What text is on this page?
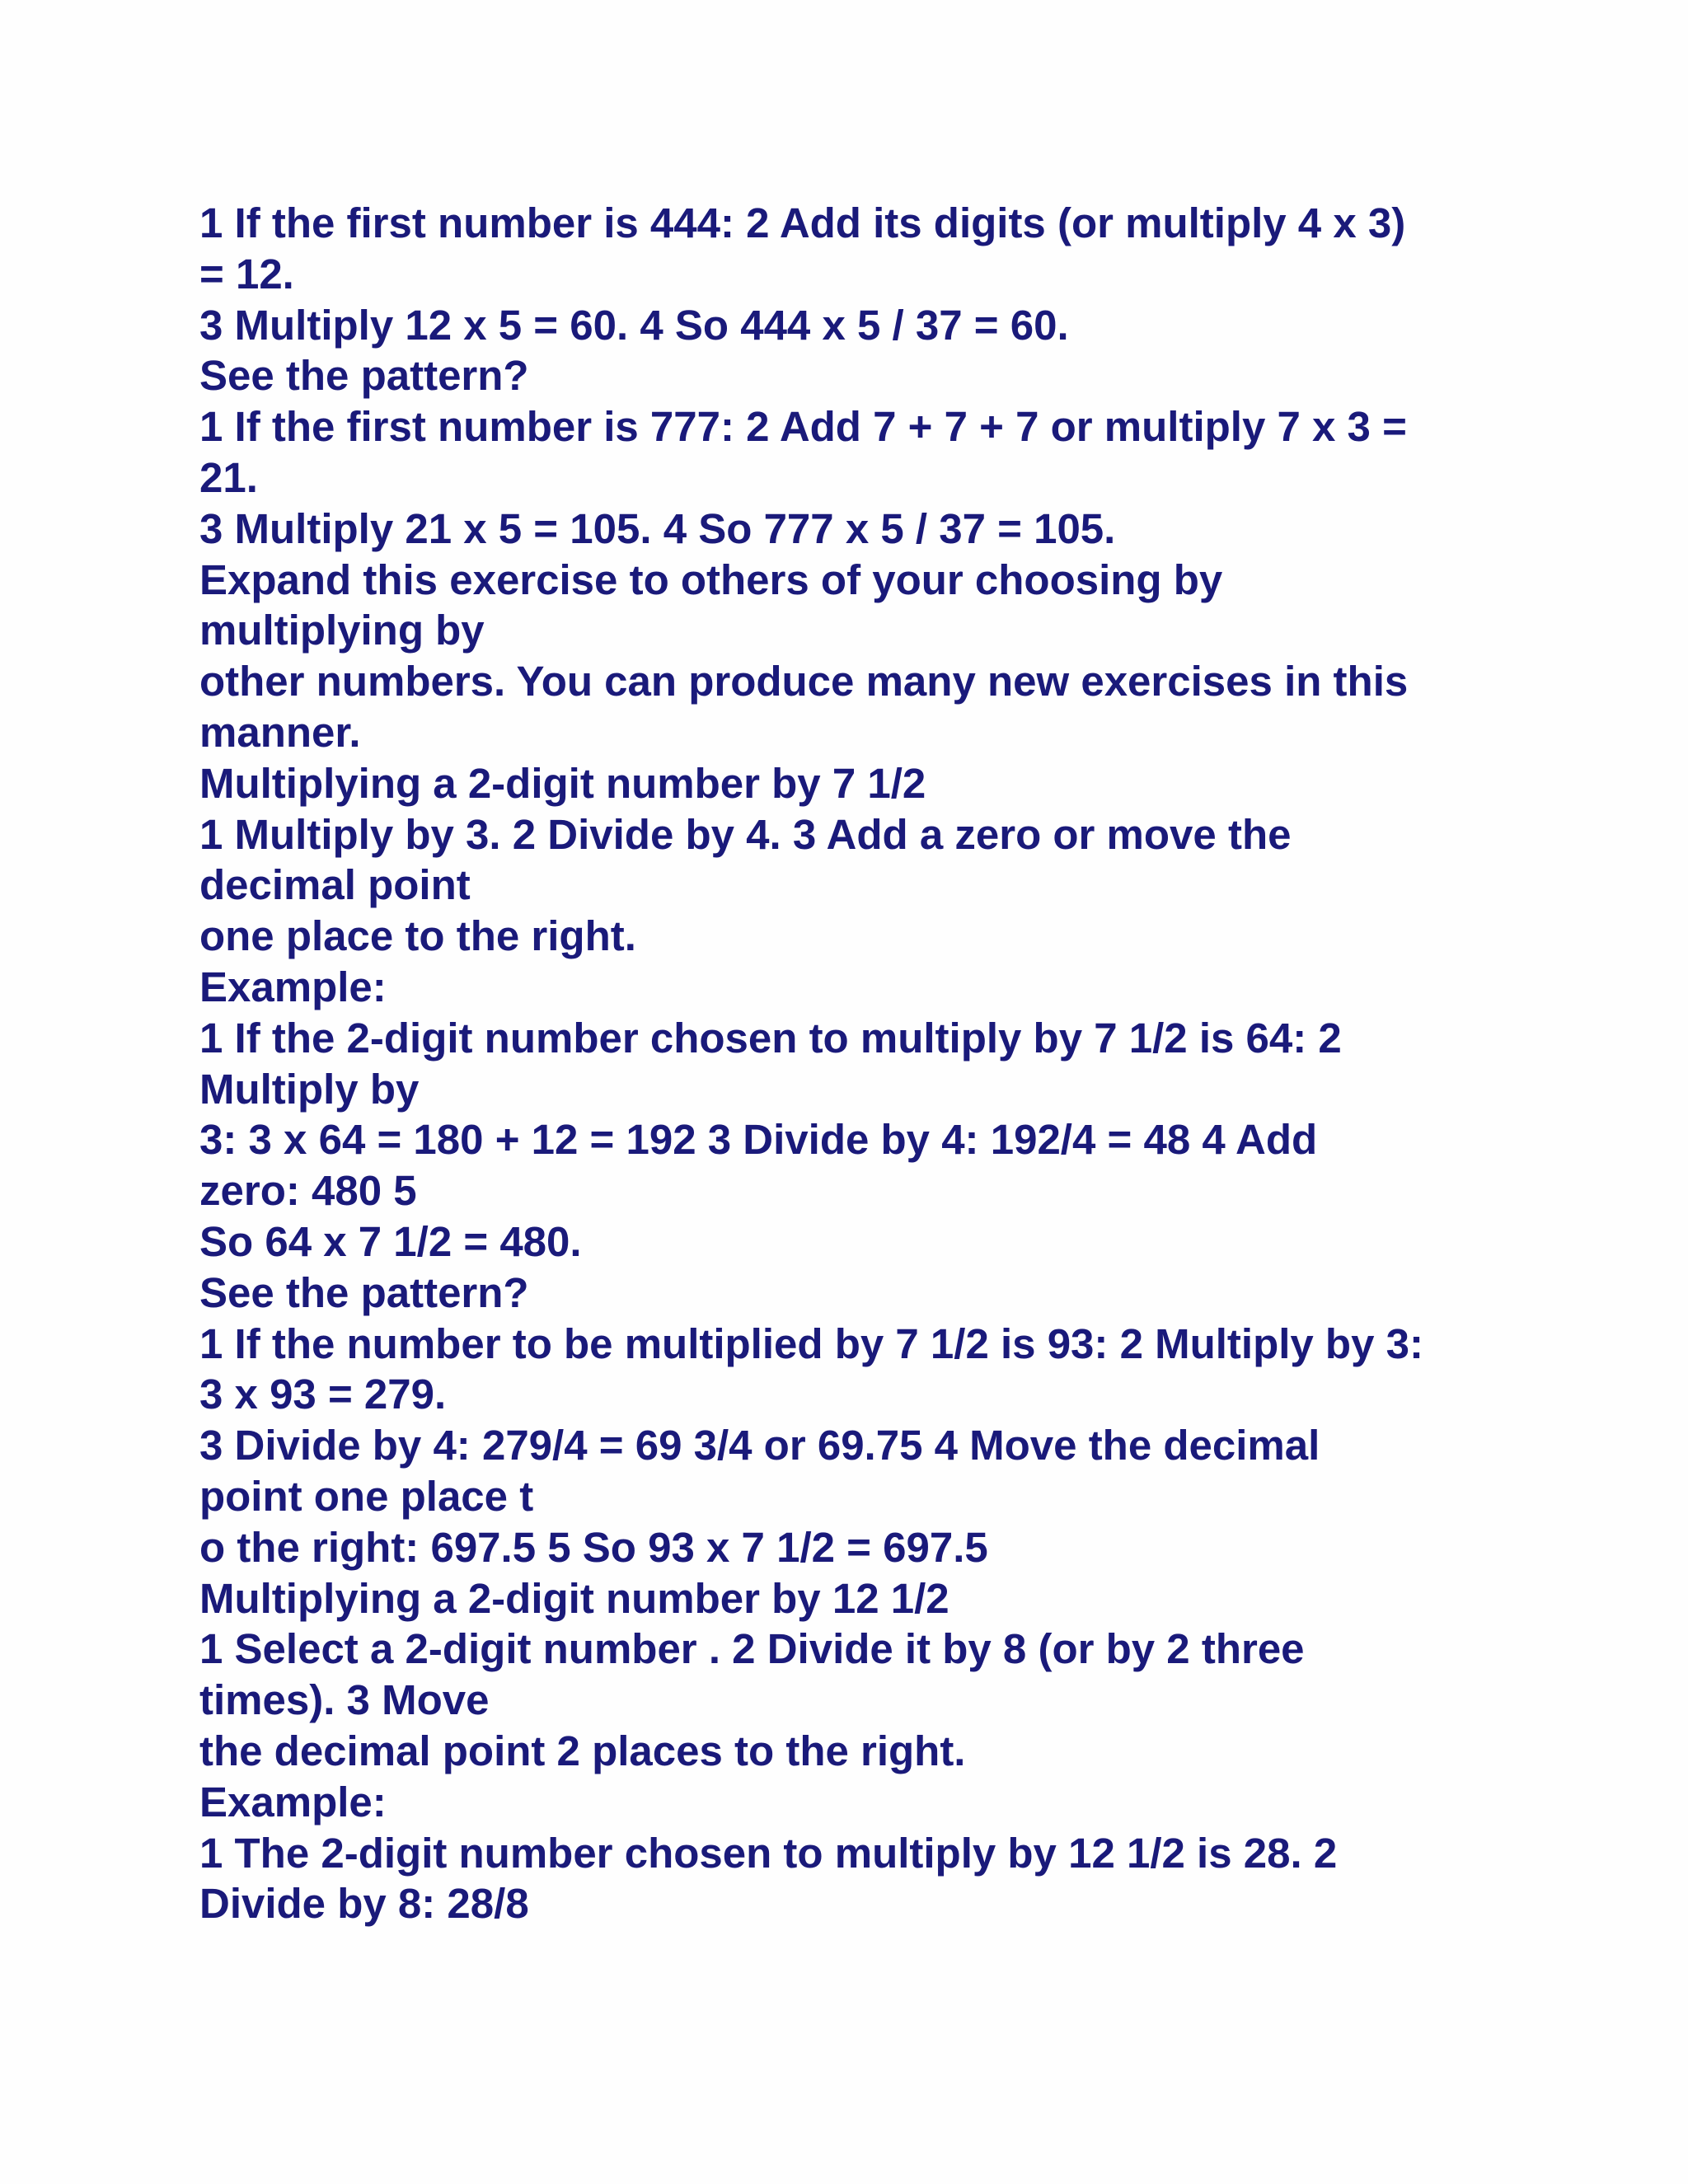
1 If the first number is 444: 2 Add its digits (or multiply 4 x 3)
= 12.
3 Multiply 12 x 5 = 60. 4 So 444 x 5 / 37 = 60.
See the pattern?
1 If the first number is 777: 2 Add 7 + 7 + 7 or multiply 7 x 3 =
21.
3 Multiply 21 x 5 = 105. 4 So 777 x 5 / 37 = 105.
Expand this exercise to others of your choosing by
multiplying by
other numbers. You can produce many new exercises in this
manner.
Multiplying a 2-digit number by 7 1/2
1 Multiply by 3. 2 Divide by 4. 3 Add a zero or move the
decimal point
one place to the right.
Example:
1 If the 2-digit number chosen to multiply by 7 1/2 is 64: 2
Multiply by
3: 3 x 64 = 180 + 12 = 192 3 Divide by 4: 192/4 = 48 4 Add
zero: 480 5
So 64 x 7 1/2 = 480.
See the pattern?
1 If the number to be multiplied by 7 1/2 is 93: 2 Multiply by 3:
3 x 93 = 279.
3 Divide by 4: 279/4 = 69 3/4 or 69.75 4 Move the decimal
point one place t
o the right: 697.5 5 So 93 x 7 1/2 = 697.5
Multiplying a 2-digit number by 12 1/2
1 Select a 2-digit number . 2 Divide it by 8 (or by 2 three
times). 3 Move
the decimal point 2 places to the right.
Example:
1 The 2-digit number chosen to multiply by 12 1/2 is 28. 2
Divide by 8: 28/8
